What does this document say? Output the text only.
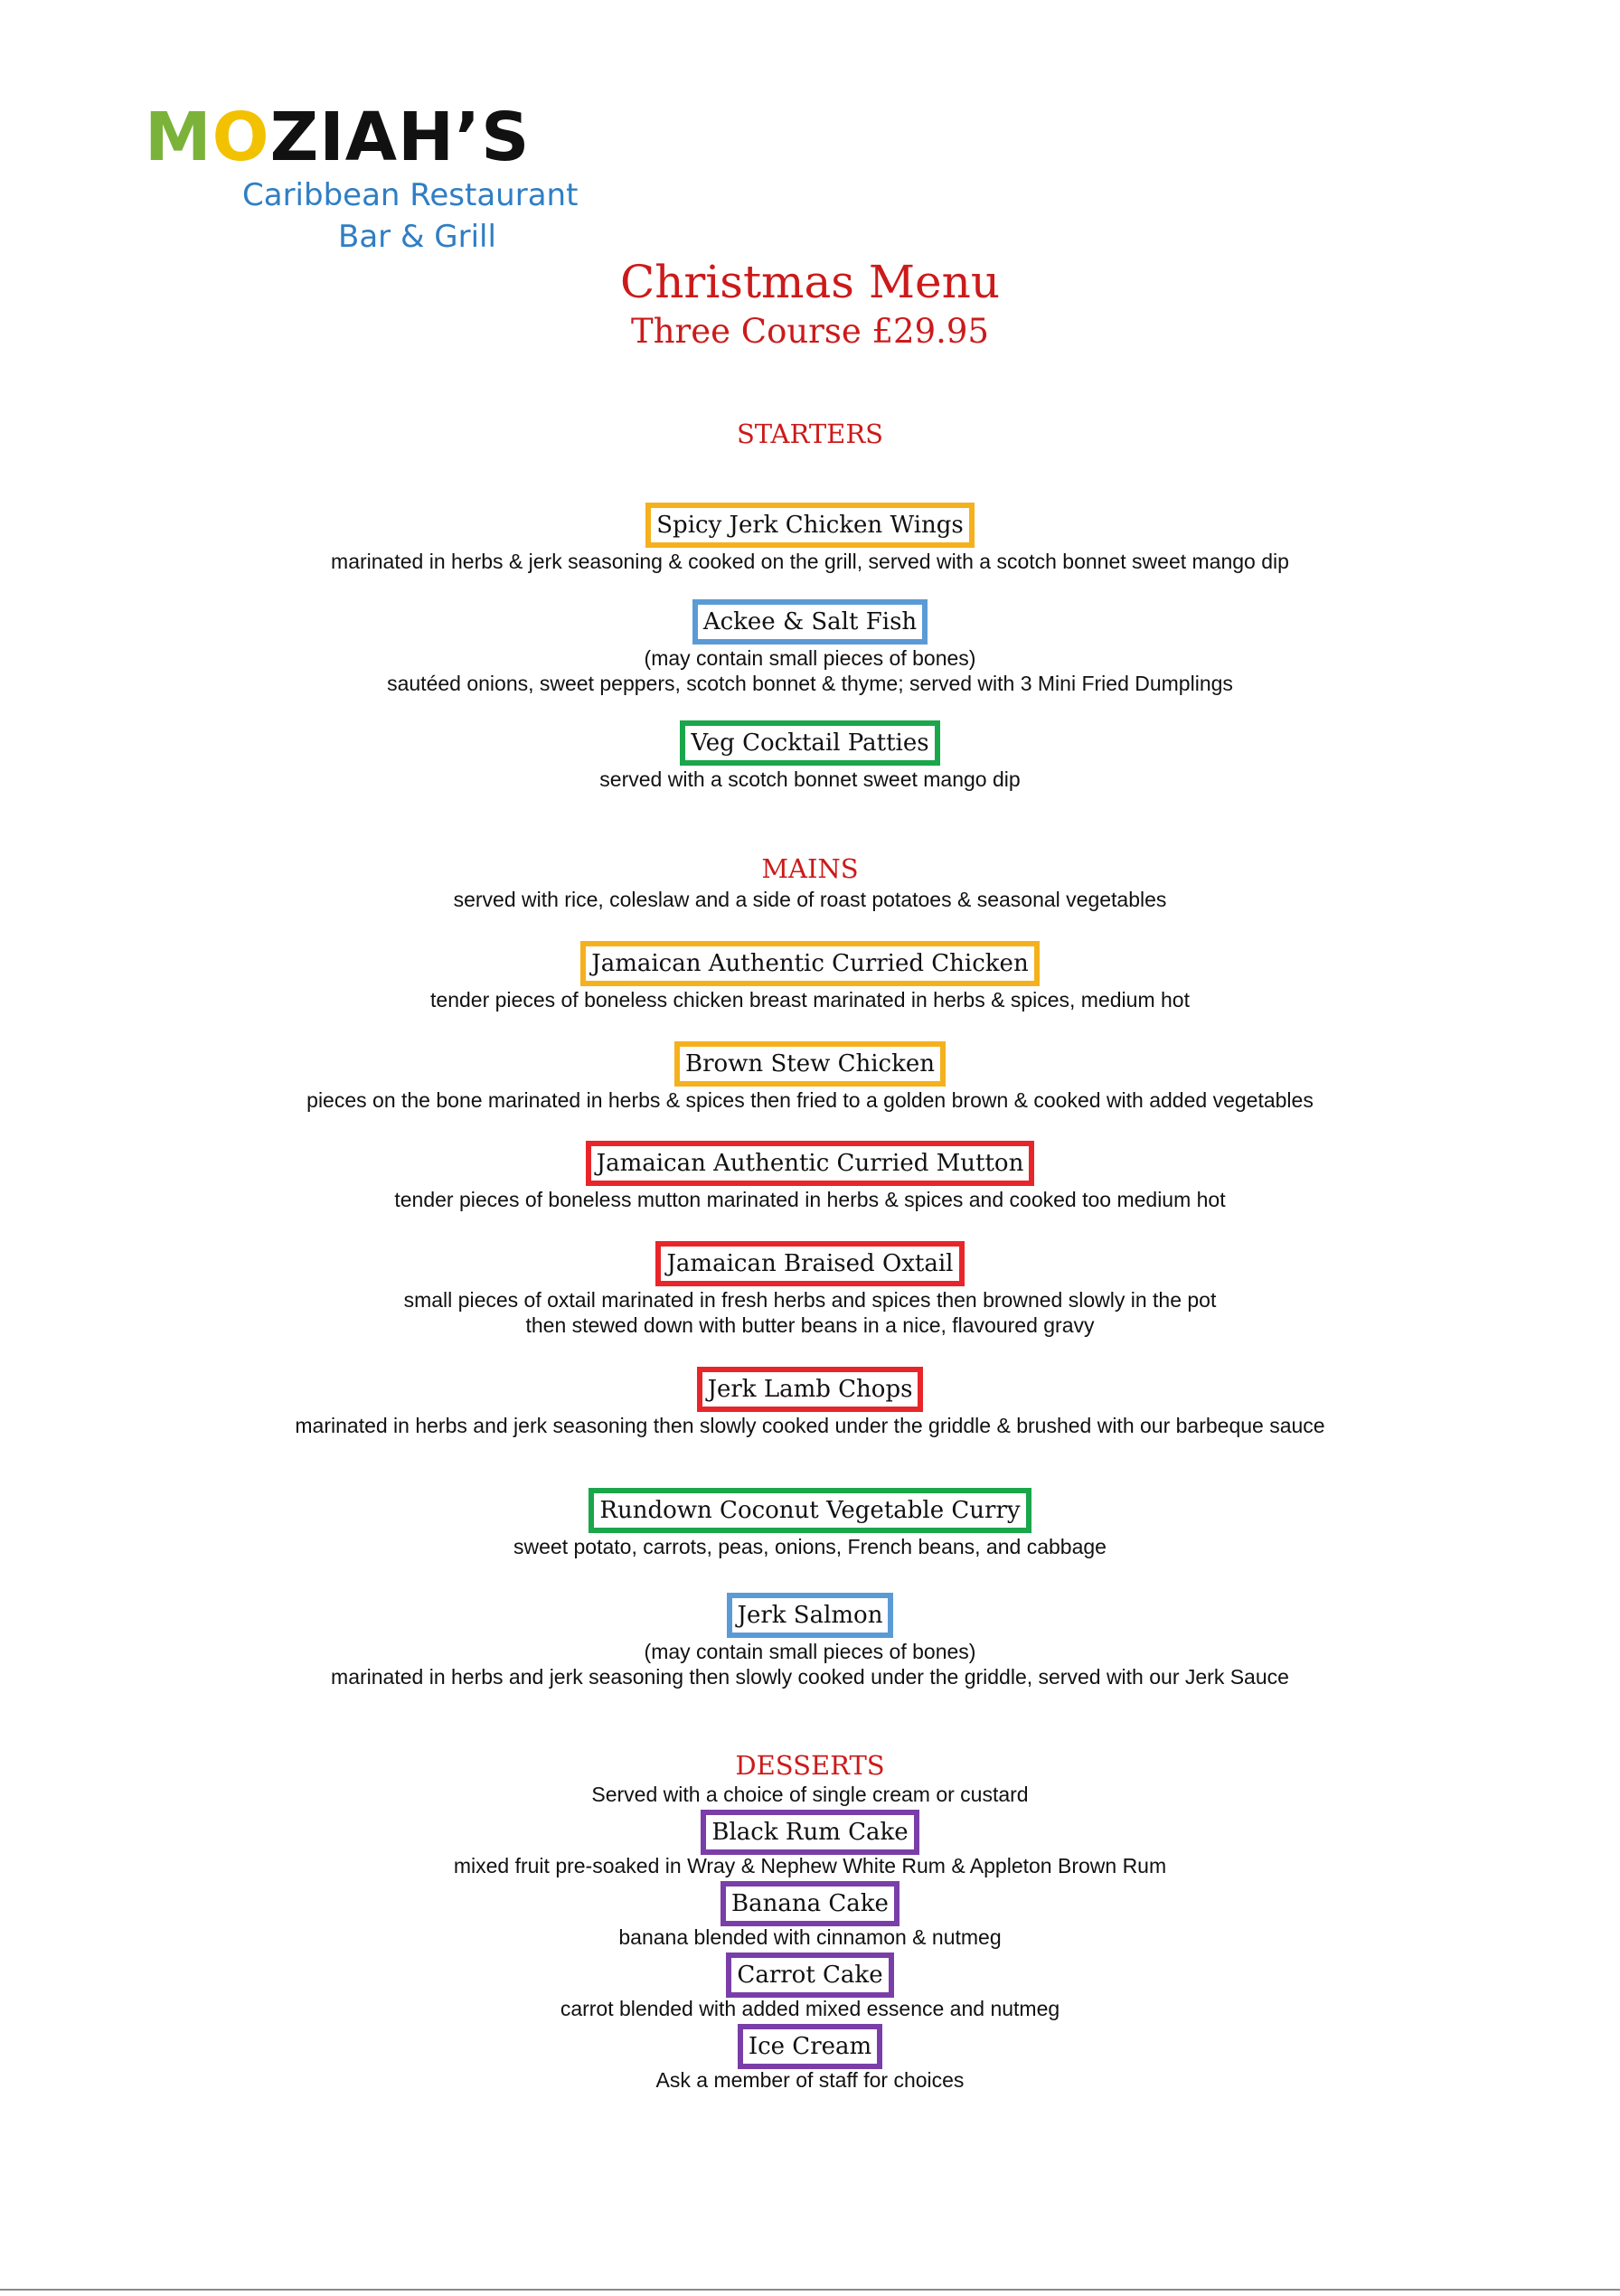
MOZIAH’S
Caribbean Restaurant
Bar & Grill
Christmas Menu
Three Course £29.95
STARTERS
Spicy Jerk Chicken Wings
marinated in herbs & jerk seasoning & cooked on the grill, served with a scotch bonnet sweet mango dip
Ackee & Salt Fish
(may contain small pieces of bones)
sautéed onions, sweet peppers, scotch bonnet & thyme; served with 3 Mini Fried Dumplings
Veg Cocktail Patties
served with a scotch bonnet sweet mango dip
MAINS
served with rice, coleslaw and a side of roast potatoes & seasonal vegetables
Jamaican Authentic Curried Chicken
tender pieces of boneless chicken breast marinated in herbs & spices, medium hot
Brown Stew Chicken
pieces on the bone marinated in herbs & spices then fried to a golden brown & cooked with added vegetables
Jamaican Authentic Curried Mutton
tender pieces of boneless mutton marinated in herbs & spices and cooked too medium hot
Jamaican Braised Oxtail
small pieces of oxtail marinated in fresh herbs and spices then browned slowly in the pot
then stewed down with butter beans in a nice, flavoured gravy
Jerk Lamb Chops
marinated in herbs and jerk seasoning then slowly cooked under the griddle & brushed with our barbeque sauce
Rundown Coconut Vegetable Curry
sweet potato, carrots, peas, onions, French beans, and cabbage
Jerk Salmon
(may contain small pieces of bones)
marinated in herbs and jerk seasoning then slowly cooked under the griddle, served with our Jerk Sauce
DESSERTS
Served with a choice of single cream or custard
Black Rum Cake
mixed fruit pre-soaked in Wray & Nephew White Rum & Appleton Brown Rum
Banana Cake
banana blended with cinnamon & nutmeg
Carrot Cake
carrot blended with added mixed essence and nutmeg
Ice Cream
Ask a member of staff for choices
